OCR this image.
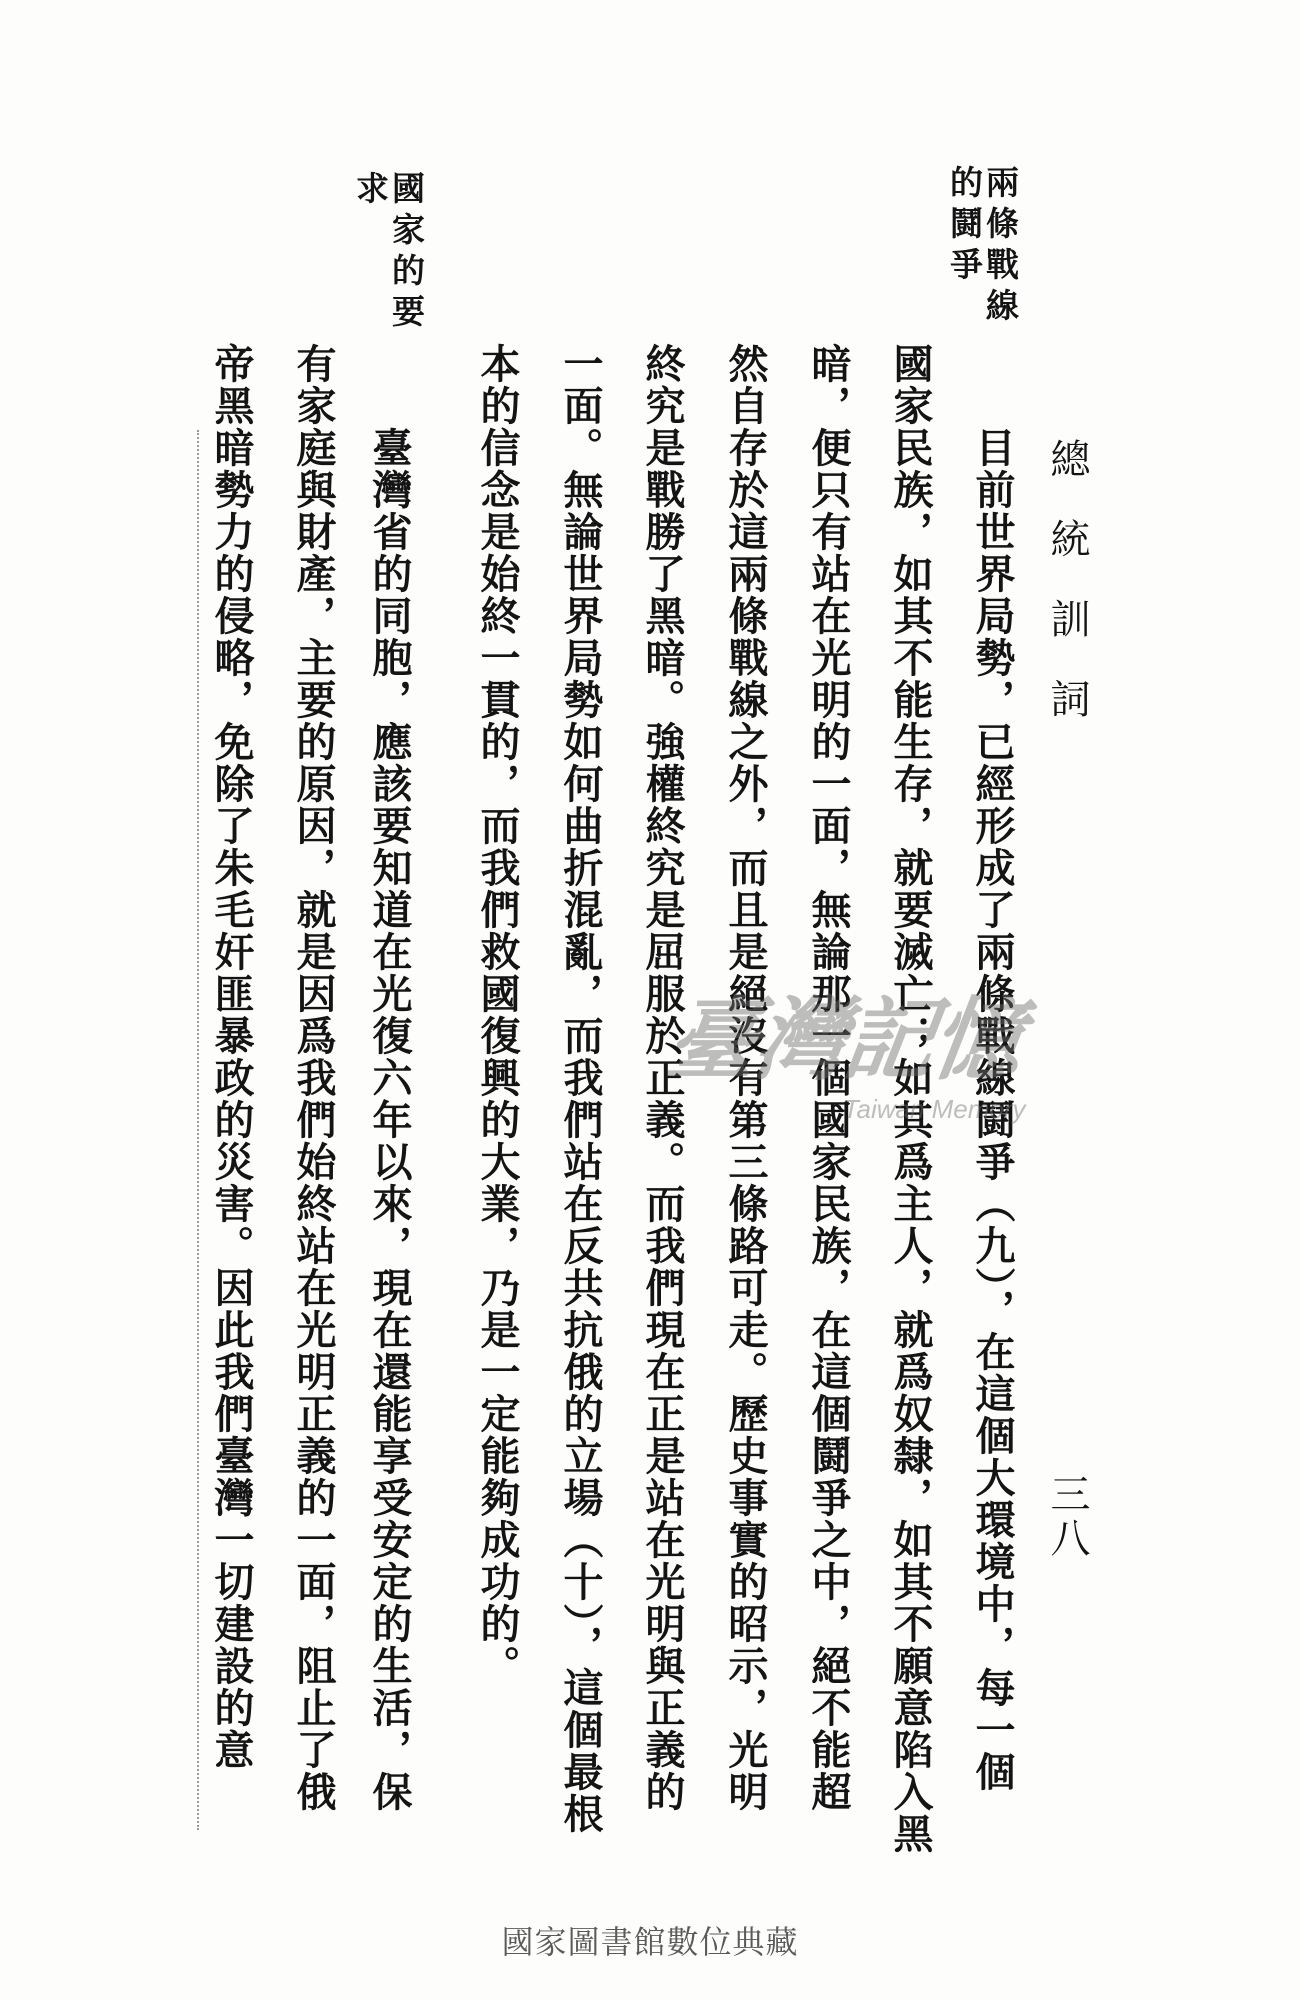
總統訓詞
三八
兩條戰線
的鬪爭
國家的要
求
目前世界局勢，已經形成了兩條戰線鬪爭（九），在這個大環境中，每一個
國家民族，如其不能生存，就要滅亡；如其爲主人，就爲奴隸，如其不願意陷入黑
暗，便只有站在光明的一面，無論那一個國家民族，在這個鬪爭之中，絕不能超
然自存於這兩條戰線之外，而且是絕沒有第三條路可走。歷史事實的昭示，光明
終究是戰勝了黑暗。強權終究是屈服於正義。而我們現在正是站在光明與正義的
一面。無論世界局勢如何曲折混亂，而我們站在反共抗俄的立場（十），這個最根
本的信念是始終一貫的，而我們救國復興的大業，乃是一定能夠成功的。
臺灣省的同胞，應該要知道在光復六年以來，現在還能享受安定的生活，保
有家庭與財產，主要的原因，就是因爲我們始終站在光明正義的一面，阻止了俄
帝黑暗勢力的侵略，免除了朱毛奸匪暴政的災害。因此我們臺灣一切建設的意	臺灣記憶
Taiwan Memory
國家圖書館數位典藏
